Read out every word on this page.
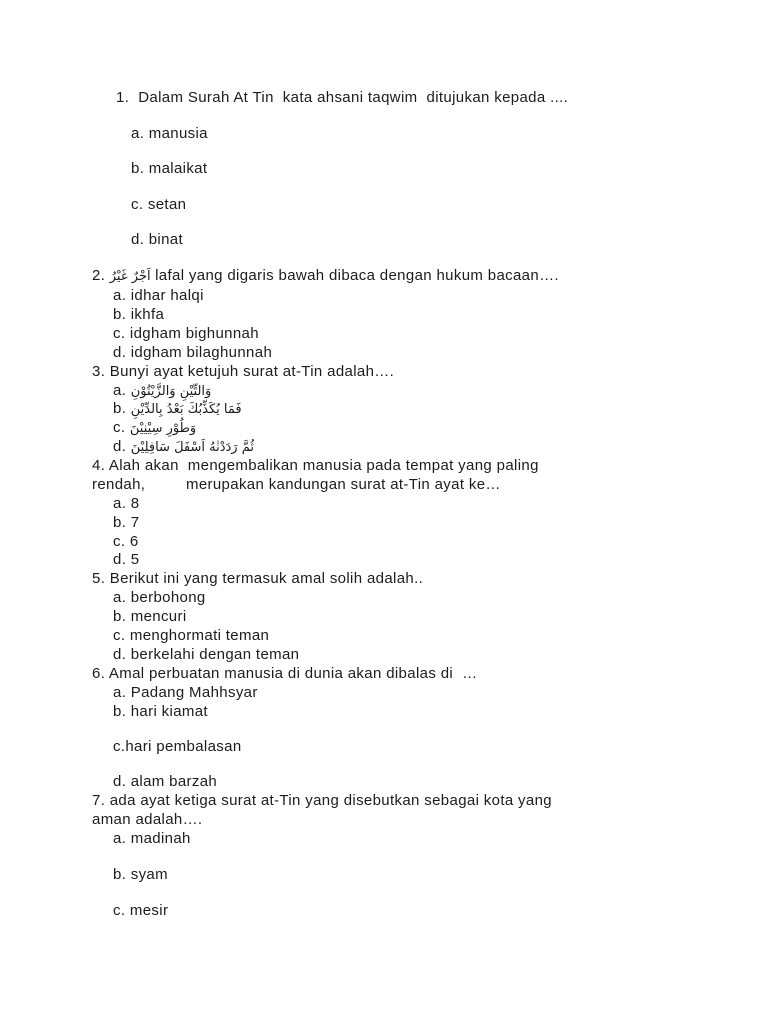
1.  Dalam Surah At Tin  kata ahsani taqwim  ditujukan kepada ....
a. manusia
b. malaikat
c. setan
d. binat
2. اَجْرٌ غَيْرُ lafal yang digaris bawah dibaca dengan hukum bacaan….
a. idhar halqi
b. ikhfa
c. idgham bighunnah
d. idgham bilaghunnah
3. Bunyi ayat ketujuh surat at-Tin adalah….
a. وَالتِّيْنِ وَالزَّيْتُوْنِ
b. فَمَا يُكَذِّبُكَ بَعْدُ بِالدِّيْنِ
c. وَطُوْرِ سِيْنِيْنَ
d. ثُمَّ رَدَدْنٰهُ اَسْفَلَ سَافِلِيْنَ
4. Alah akan  mengembalikan manusia pada tempat yang paling
rendah,         merupakan kandungan surat at-Tin ayat ke…
a. 8
b. 7
c. 6
d. 5
5. Berikut ini yang termasuk amal solih adalah..
a. berbohong
b. mencuri
c. menghormati teman
d. berkelahi dengan teman
6. Amal perbuatan manusia di dunia akan dibalas di  …
a. Padang Mahhsyar
b. hari kiamat
c.hari pembalasan
d. alam barzah
7. ada ayat ketiga surat at-Tin yang disebutkan sebagai kota yang
aman adalah….
a. madinah
b. syam
c. mesir
